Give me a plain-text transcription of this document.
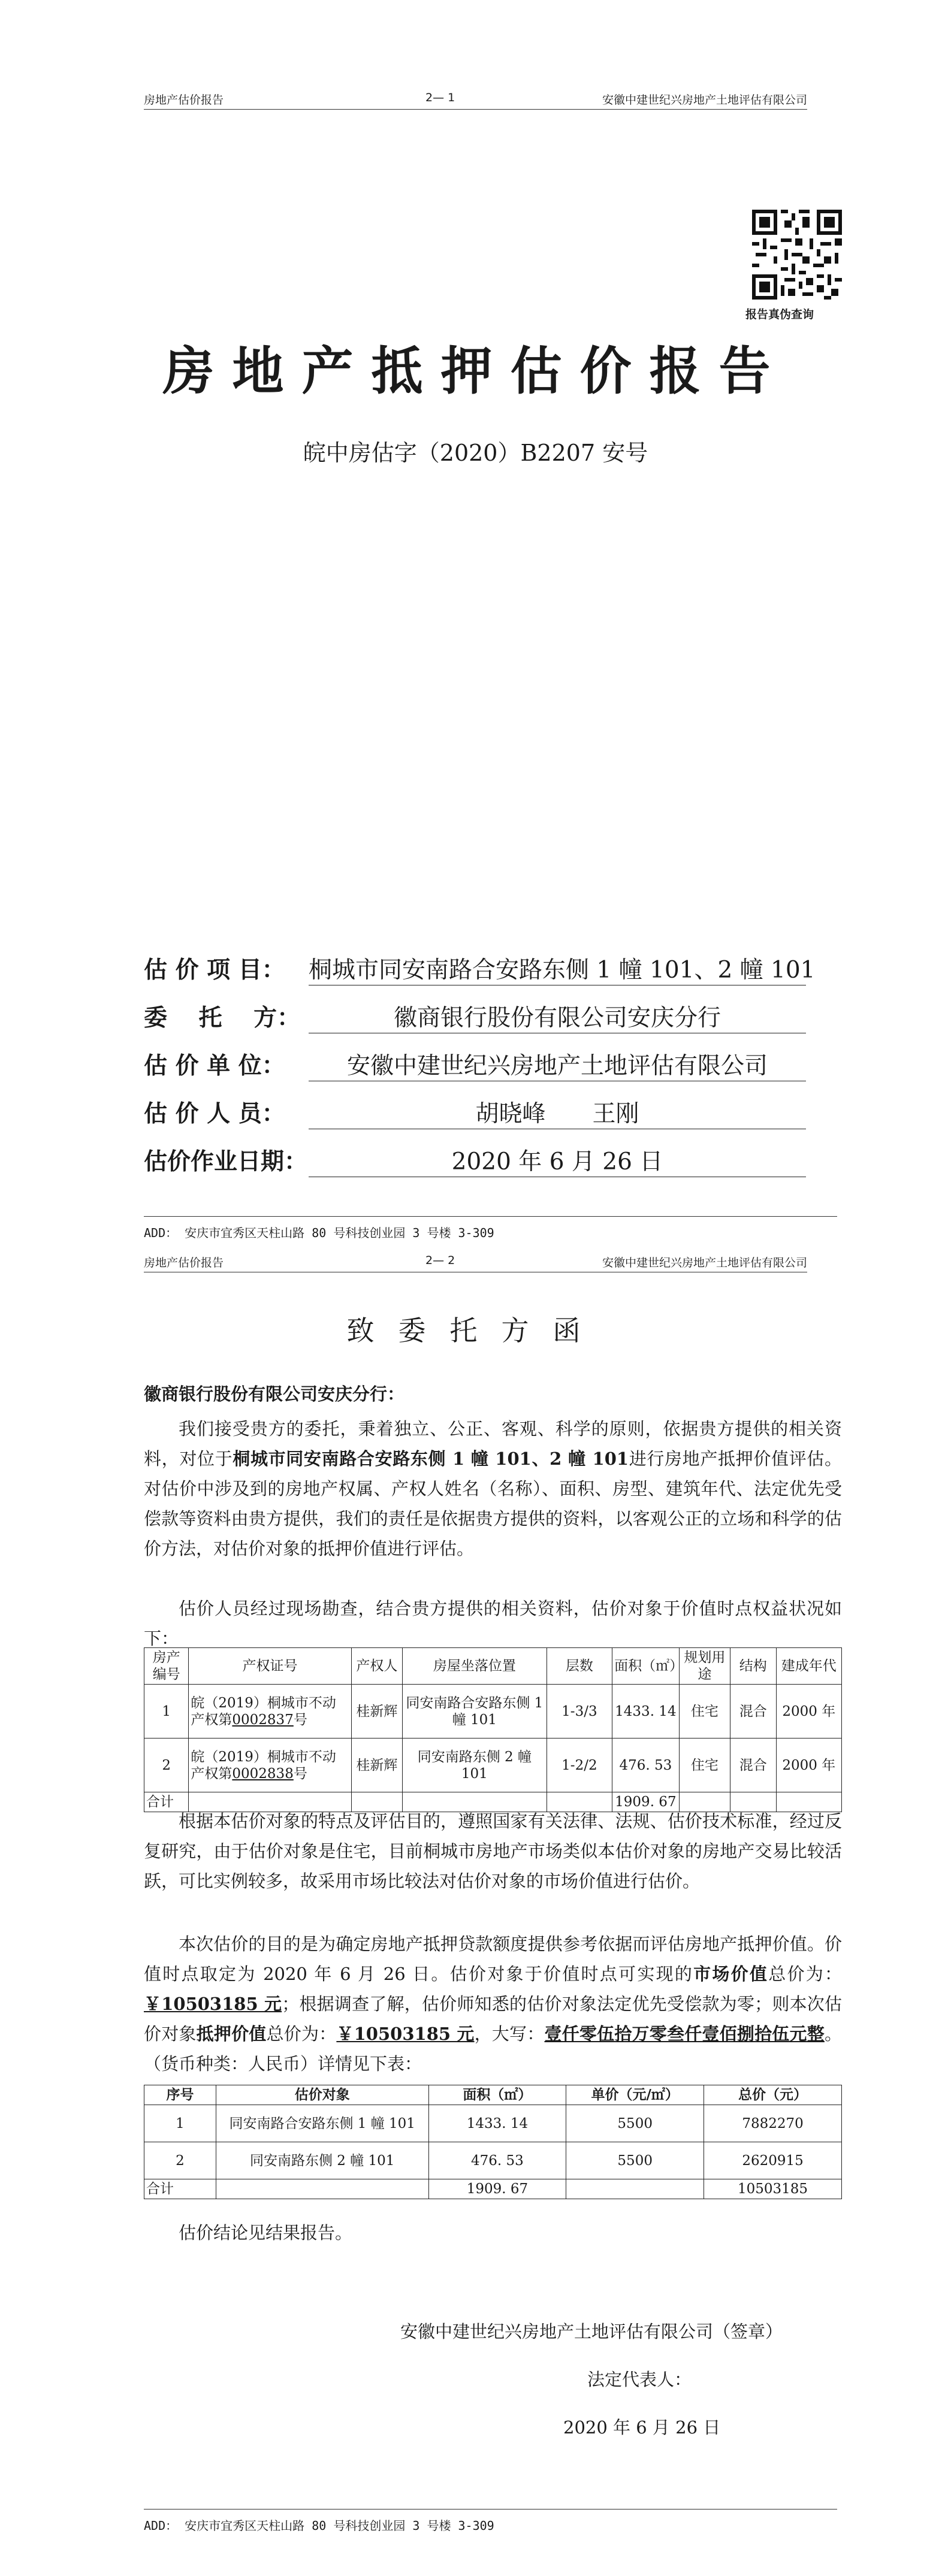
房地产估价报告	2— 1	安徽中建世纪兴房地产土地评估有限公司
报告真伪查询
房地产抵押估价报告
皖中房估字（2020）B2207 安号
估 价 项 目： 桐城市同安南路合安路东侧 1 幢 101、2 幢 101
委　 托　 方：	徽商银行股份有限公司安庆分行
估 价 单 位：	安徽中建世纪兴房地产土地评估有限公司
估 价 人 员：	胡晓峰　　王刚
估价作业日期：	2020 年 6 月 26 日
ADD： 安庆市宜秀区天柱山路 80 号科技创业园 3 号楼 3-309
房地产估价报告	2— 2	安徽中建世纪兴房地产土地评估有限公司
致委托方函
徽商银行股份有限公司安庆分行：

我们接受贵方的委托，秉着独立、公正、客观、科学的原则，依据贵方提供的相关资料，对位于桐城市同安南路合安路东侧 1 幢 101、2 幢 101进行房地产抵押价值评估。对估价中涉及到的房地产权属、产权人姓名（名称）、面积、房型、建筑年代、法定优先受偿款等资料由贵方提供，我们的责任是依据贵方提供的资料，以客观公正的立场和科学的估价方法，对估价对象的抵押价值进行评估。

估价人员经过现场勘查，结合贵方提供的相关资料，估价对象于价值时点权益状况如下：

房产编号	产权证号	产权人	房屋坐落位置	层数	面积（㎡）	规划用途	结构	建成年代
1	皖（2019）桐城市不动产权第0002837号	桂新辉	同安南路合安路东侧 1 幢 101	1-3/3	1433. 14	住宅	混合	2000 年
2	皖（2019）桐城市不动产权第0002838号	桂新辉	同安南路东侧 2 幢 101	1-2/2	476. 53	住宅	混合	2000 年
合计					1909. 67			

根据本估价对象的特点及评估目的，遵照国家有关法律、法规、估价技术标准，经过反复研究，由于估价对象是住宅，目前桐城市房地产市场类似本估价对象的房地产交易比较活跃，可比实例较多，故采用市场比较法对估价对象的市场价值进行估价。

本次估价的目的是为确定房地产抵押贷款额度提供参考依据而评估房地产抵押价值。价值时点取定为 2020 年 6 月 26 日。估价对象于价值时点可实现的市场价值总价为：￥10503185 元；根据调查了解，估价师知悉的估价对象法定优先受偿款为零；则本次估价对象抵押价值总价为：￥10503185 元，大写：壹仟零伍拾万零叁仟壹佰捌拾伍元整。（货币种类：人民币）详情见下表：

序号	估价对象	面积（㎡）	单价（元/㎡）	总价（元）
1	同安南路合安路东侧 1 幢 101	1433. 14	5500	7882270
2	同安南路东侧 2 幢 101	476. 53	5500	2620915
合计		1909. 67		10503185
估价结论见结果报告。
安徽中建世纪兴房地产土地评估有限公司（签章）
法定代表人：
2020 年 6 月 26 日
ADD： 安庆市宜秀区天柱山路 80 号科技创业园 3 号楼 3-309
